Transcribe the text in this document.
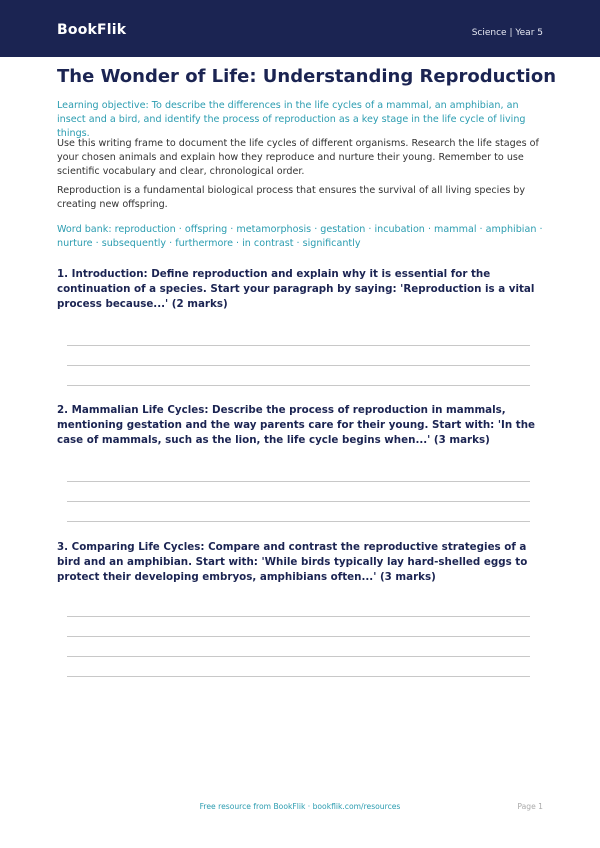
BookFlik	Science | Year 5
The Wonder of Life: Understanding Reproduction
Learning objective: To describe the differences in the life cycles of a mammal, an amphibian, an insect and a bird, and identify the process of reproduction as a key stage in the life cycle of living things.
Use this writing frame to document the life cycles of different organisms. Research the life stages of your chosen animals and explain how they reproduce and nurture their young. Remember to use scientific vocabulary and clear, chronological order.
Reproduction is a fundamental biological process that ensures the survival of all living species by creating new offspring.
Word bank: reproduction · offspring · metamorphosis · gestation · incubation · mammal · amphibian · nurture · subsequently · furthermore · in contrast · significantly
1. Introduction: Define reproduction and explain why it is essential for the continuation of a species. Start your paragraph by saying: 'Reproduction is a vital process because...' (2 marks)
2. Mammalian Life Cycles: Describe the process of reproduction in mammals, mentioning gestation and the way parents care for their young. Start with: 'In the case of mammals, such as the lion, the life cycle begins when...' (3 marks)
3. Comparing Life Cycles: Compare and contrast the reproductive strategies of a bird and an amphibian. Start with: 'While birds typically lay hard-shelled eggs to protect their developing embryos, amphibians often...' (3 marks)
Free resource from BookFlik · bookflik.com/resources	Page 1
